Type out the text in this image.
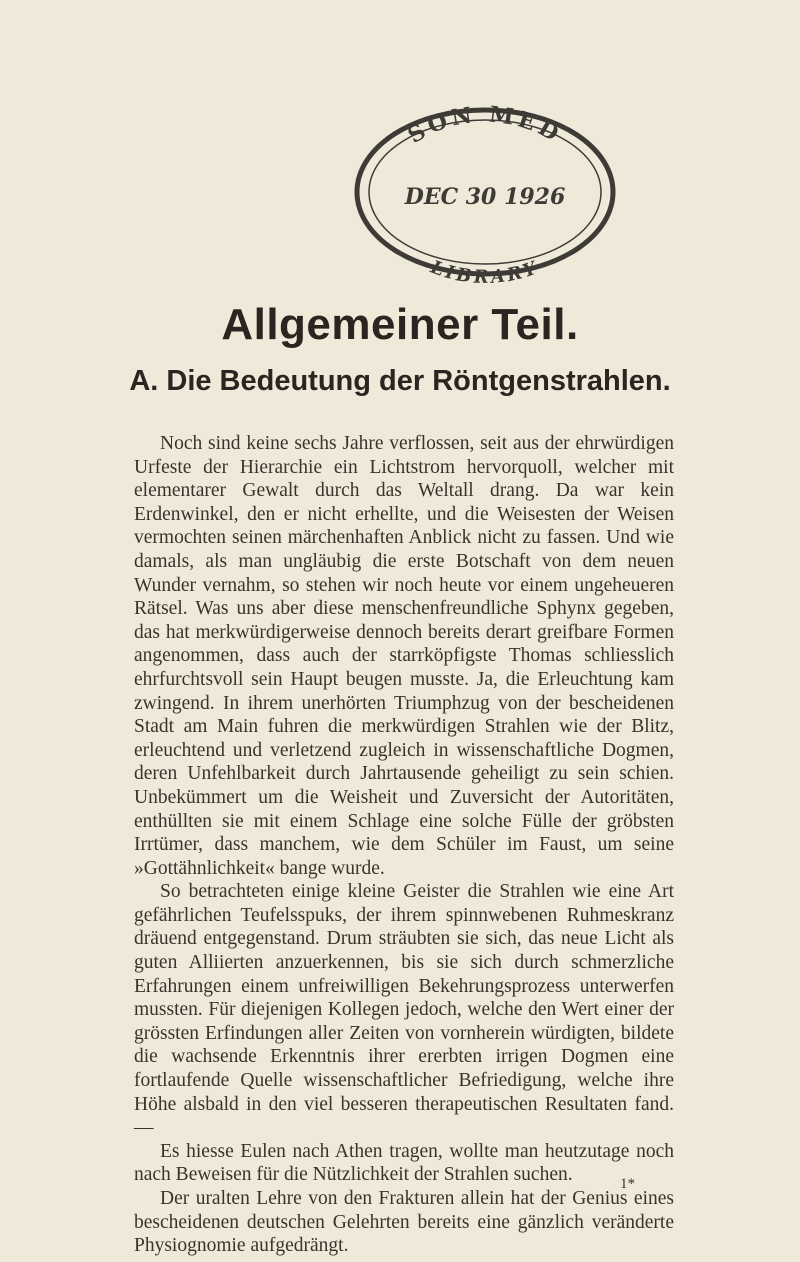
SON MED
DEC 30 1926
LIBRARY
Allgemeiner Teil.
A. Die Bedeutung der Röntgenstrahlen.

Noch sind keine sechs Jahre verflossen, seit aus der ehrwürdigen Urfeste der Hierarchie ein Lichtstrom hervorquoll, welcher mit elementarer Gewalt durch das Weltall drang. Da war kein Erdenwinkel, den er nicht erhellte, und die Weisesten der Weisen vermochten seinen märchenhaften Anblick nicht zu fassen. Und wie damals, als man ungläubig die erste Botschaft von dem neuen Wunder vernahm, so stehen wir noch heute vor einem ungeheueren Rätsel. Was uns aber diese menschenfreundliche Sphynx gegeben, das hat merkwürdigerweise dennoch bereits derart greifbare Formen angenommen, dass auch der starrköpfigste Thomas schliesslich ehrfurchtsvoll sein Haupt beugen musste. Ja, die Erleuchtung kam zwingend. In ihrem unerhörten Triumphzug von der bescheidenen Stadt am Main fuhren die merkwürdigen Strahlen wie der Blitz, erleuchtend und verletzend zugleich in wissenschaftliche Dogmen, deren Unfehlbarkeit durch Jahrtausende geheiligt zu sein schien. Unbekümmert um die Weisheit und Zuversicht der Autoritäten, enthüllten sie mit einem Schlage eine solche Fülle der gröbsten Irrtümer, dass manchem, wie dem Schüler im Faust, um seine »Gottähnlichkeit« bange wurde.

So betrachteten einige kleine Geister die Strahlen wie eine Art gefährlichen Teufelsspuks, der ihrem spinnwebenen Ruhmeskranz dräuend entgegenstand. Drum sträubten sie sich, das neue Licht als guten Alliierten anzuerkennen, bis sie sich durch schmerzliche Erfahrungen einem unfreiwilligen Bekehrungsprozess unterwerfen mussten. Für diejenigen Kollegen jedoch, welche den Wert einer der grössten Erfindungen aller Zeiten von vornherein würdigten, bildete die wachsende Erkenntnis ihrer ererbten irrigen Dogmen eine fortlaufende Quelle wissenschaftlicher Befriedigung, welche ihre Höhe alsbald in den viel besseren therapeutischen Resultaten fand. —

Es hiesse Eulen nach Athen tragen, wollte man heutzutage noch nach Beweisen für die Nützlichkeit der Strahlen suchen.

Der uralten Lehre von den Frakturen allein hat der Genius eines bescheidenen deutschen Gelehrten bereits eine gänzlich veränderte Physiognomie aufgedrängt.

1*
